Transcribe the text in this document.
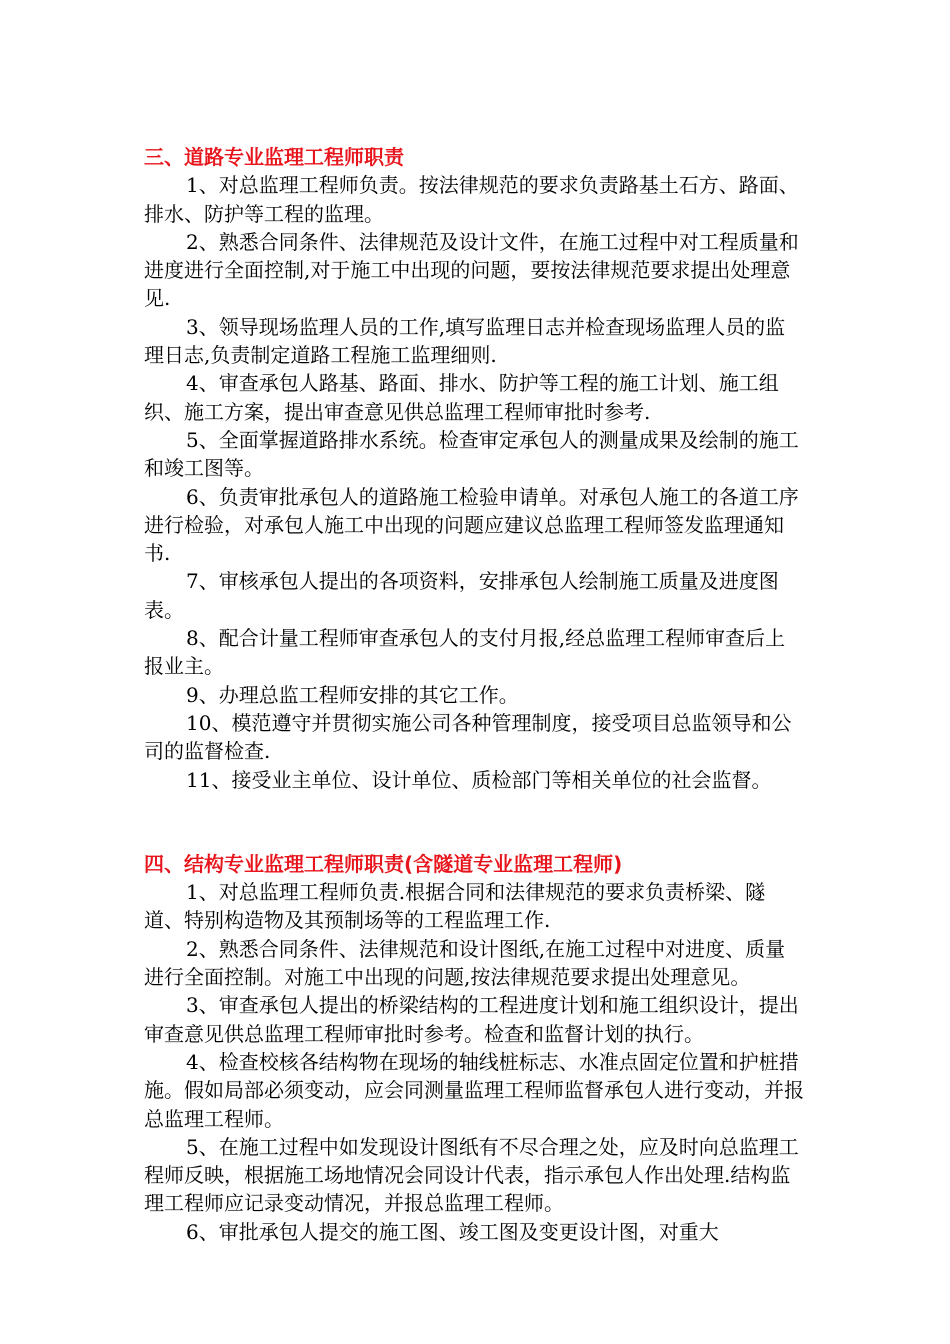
三、道路专业监理工程师职责

1、对总监理工程师负责。按法律规范的要求负责路基土石方、路面、

排水、防护等工程的监理。

2、熟悉合同条件、法律规范及设计文件，在施工过程中对工程质量和进度进行全面控制,对于施工中出现的问题，要按法律规范要求提出处理意见.

3、领导现场监理人员的工作,填写监理日志并检查现场监理人员的监理日志,负责制定道路工程施工监理细则.

4、审查承包人路基、路面、排水、防护等工程的施工计划、施工组织、施工方案，提出审查意见供总监理工程师审批时参考.

5、全面掌握道路排水系统。检查审定承包人的测量成果及绘制的施工和竣工图等。

6、负责审批承包人的道路施工检验申请单。对承包人施工的各道工序进行检验，对承包人施工中出现的问题应建议总监理工程师签发监理通知书.

7、审核承包人提出的各项资料，安排承包人绘制施工质量及进度图表。

8、配合计量工程师审查承包人的支付月报,经总监理工程师审查后上报业主。

9、办理总监工程师安排的其它工作。

10、模范遵守并贯彻实施公司各种管理制度，接受项目总监领导和公司的监督检查.

11、接受业主单位、设计单位、质检部门等相关单位的社会监督。

四、结构专业监理工程师职责(含隧道专业监理工程师)

1、对总监理工程师负责.根据合同和法律规范的要求负责桥梁、隧道、特别构造物及其预制场等的工程监理工作.

2、熟悉合同条件、法律规范和设计图纸,在施工过程中对进度、质量进行全面控制。对施工中出现的问题,按法律规范要求提出处理意见。

3、审查承包人提出的桥梁结构的工程进度计划和施工组织设计，提出审查意见供总监理工程师审批时参考。检查和监督计划的执行。

4、检查校核各结构物在现场的轴线桩标志、水准点固定位置和护桩措施。假如局部必须变动，应会同测量监理工程师监督承包人进行变动，并报总监理工程师。

5、在施工过程中如发现设计图纸有不尽合理之处，应及时向总监理工程师反映，根据施工场地情况会同设计代表，指示承包人作出处理.结构监理工程师应记录变动情况，并报总监理工程师。

6、审批承包人提交的施工图、竣工图及变更设计图，对重大
